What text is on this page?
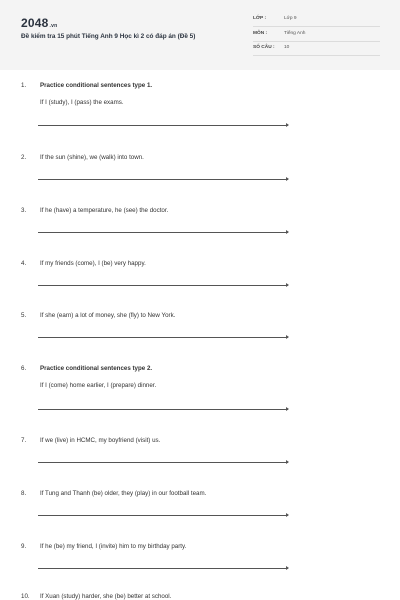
2048.vn
Đề kiểm tra 15 phút Tiếng Anh 9 Học kì 2 có đáp án (Đề 5)
LỚP :	Lớp 9
MÔN :	Tiếng Anh
SỐ CÂU : 10
1. Practice conditional sentences type 1.
If I (study), I (pass) the exams.
2. If the sun (shine), we (walk) into town.
3. If he (have) a temperature, he (see) the doctor.
4. If my friends (come), I (be) very happy.
5. If she (earn) a lot of money, she (fly) to New York.
6. Practice conditional sentences type 2.
If I (come) home earlier, I (prepare) dinner.
7. If we (live) in HCMC, my boyfriend (visit) us.
8. If Tung and Thanh (be) older, they (play) in our football team.
9. If he (be) my friend, I (invite) him to my birthday party.
10. If Xuan (study) harder, she (be) better at school.
